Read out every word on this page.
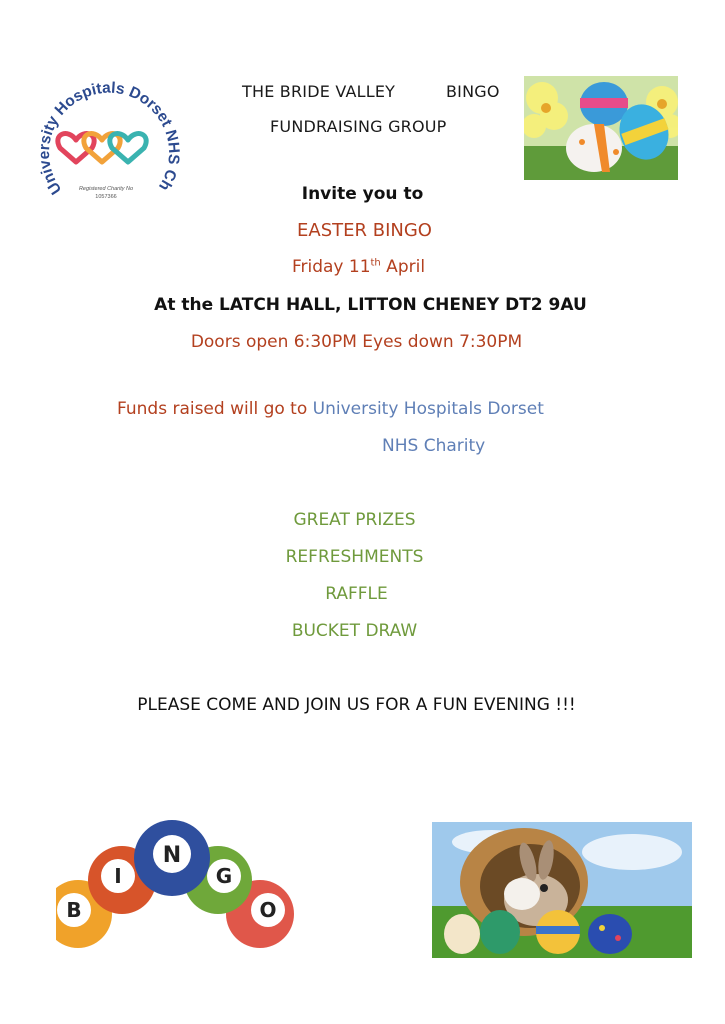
University Hospitals Dorset NHS Ch
Registered Charity No
1057366
THE BRIDE VALLEY	BINGO
FUNDRAISING GROUP
Invite you to
EASTER BINGO
Friday 11th April
At the LATCH HALL, LITTON CHENEY DT2 9AU
Doors open 6:30PM Eyes down 7:30PM
Funds raised will go to University Hospitals Dorset
NHS Charity
GREAT PRIZES
REFRESHMENTS
RAFFLE
BUCKET DRAW
PLEASE COME AND JOIN US FOR A FUN EVENING !!!
O
G
B
I
N
